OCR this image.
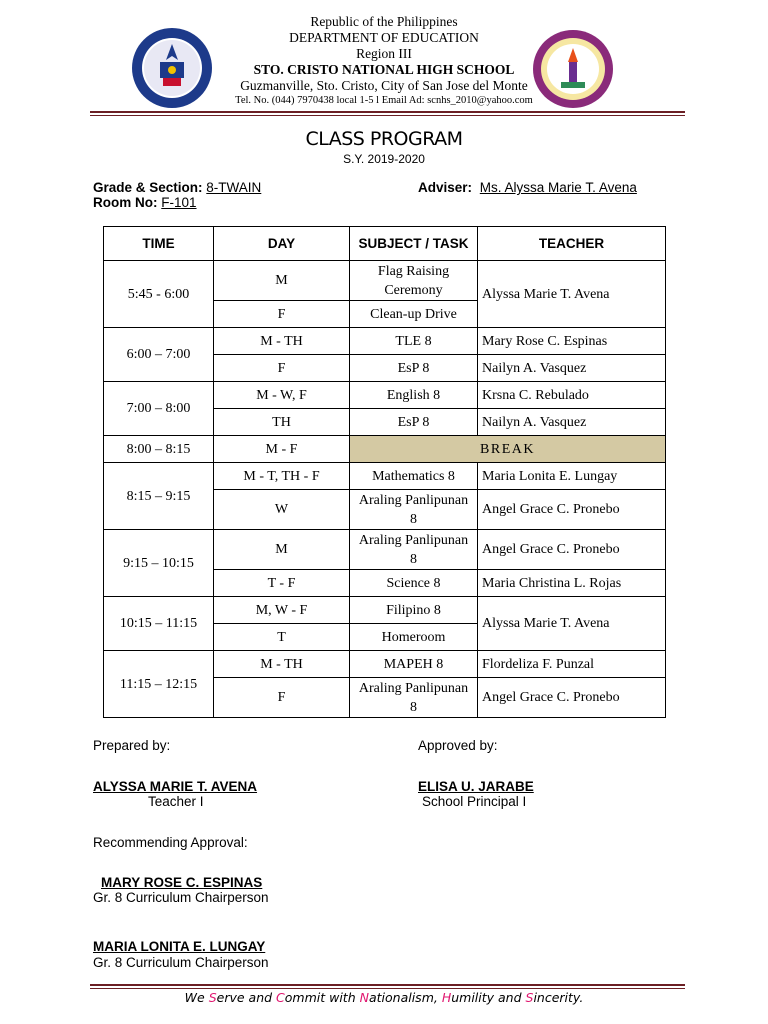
Republic of the Philippines
DEPARTMENT OF EDUCATION
Region III
STO. CRISTO NATIONAL HIGH SCHOOL
Guzmanville, Sto. Cristo, City of San Jose del Monte
Tel. No. (044) 7970438 local 1-5 l Email Ad: scnhs_2010@yahoo.com
CLASS PROGRAM
S.Y. 2019-2020
Grade & Section: 8-TWAIN
Room No: F-101
Adviser: Ms. Alyssa Marie T. Avena
TIME	DAY	SUBJECT / TASK	TEACHER
5:45 - 6:00	M	Flag Raising Ceremony	Alyssa Marie T. Avena
	F	Clean-up Drive	
6:00 – 7:00	M - TH	TLE 8	Mary Rose C. Espinas
	F	EsP 8	Nailyn A. Vasquez
7:00 – 8:00	M - W, F	English 8	Krsna C. Rebulado
	TH	EsP 8	Nailyn A. Vasquez
8:00 – 8:15	M - F	BREAK	
8:15 – 9:15	M - T, TH - F	Mathematics 8	Maria Lonita E. Lungay
	W	Araling Panlipunan 8	Angel Grace C. Pronebo
9:15 – 10:15	M	Araling Panlipunan 8	Angel Grace C. Pronebo
	T - F	Science 8	Maria Christina L. Rojas
10:15 – 11:15	M, W - F	Filipino 8	Alyssa Marie T. Avena
	T	Homeroom	
11:15 – 12:15	M - TH	MAPEH 8	Flordeliza F. Punzal
	F	Araling Panlipunan 8	Angel Grace C. Pronebo
Prepared by:
ALYSSA MARIE T. AVENA
Teacher I
Approved by:
ELISA U. JARABE
School Principal I
Recommending Approval:
MARY ROSE C. ESPINAS
Gr. 8 Curriculum Chairperson
MARIA LONITA E. LUNGAY
Gr. 8 Curriculum Chairperson
We Serve and Commit with Nationalism, Humility and Sincerity.
